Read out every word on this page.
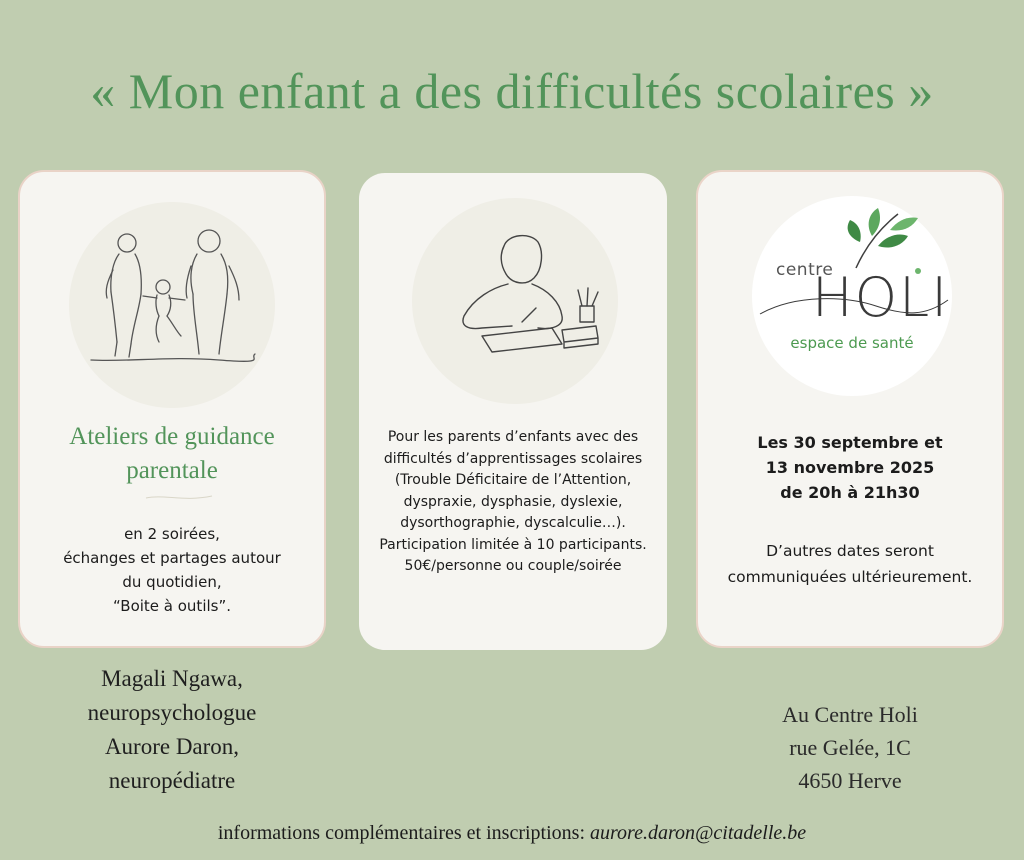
« Mon enfant a des difficultés scolaires »
Ateliers de guidance
parentale
en 2 soirées,
échanges et partages autour
du quotidien,
“Boite à outils”.
Pour les parents d’enfants avec des
difficultés d’apprentissages scolaires
(Trouble Déficitaire de l’Attention,
dyspraxie, dysphasie, dyslexie,
dysorthographie, dyscalculie…).
Participation limitée à 10 participants.
50€/personne ou couple/soirée
centre
HOLI
espace de santé
Les 30 septembre et
13 novembre 2025
de 20h à 21h30
D’autres dates seront
communiquées ultérieurement.
Magali Ngawa,
neuropsychologue
Aurore Daron,
neuropédiatre
Au Centre Holi
rue Gelée, 1C
4650 Herve
informations complémentaires et inscriptions: aurore.daron@citadelle.be
